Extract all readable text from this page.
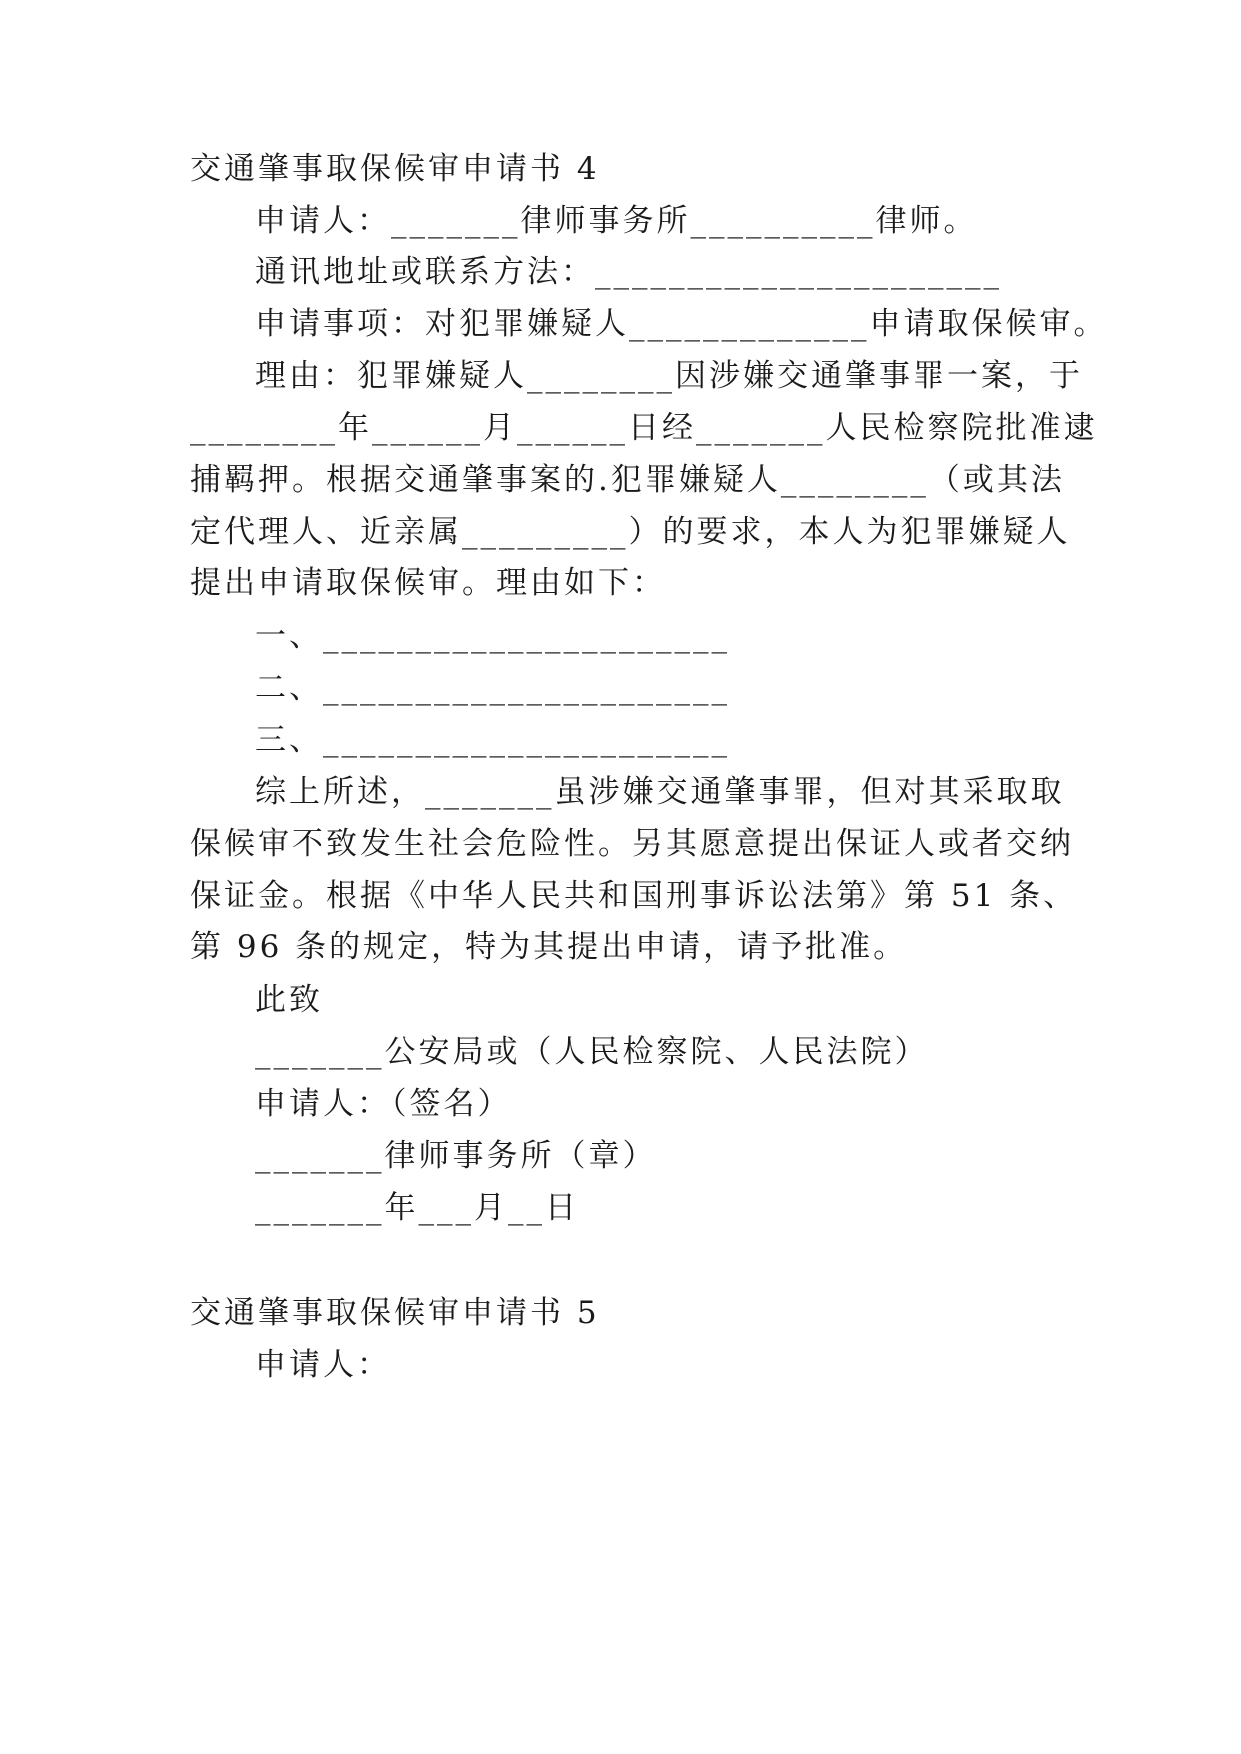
交通肇事取保候审申请书 4

申请人：_______律师事务所__________律师。

通讯地址或联系方法：______________________

申请事项：对犯罪嫌疑人_____________申请取保候审。

理由：犯罪嫌疑人________因涉嫌交通肇事罪一案，于

________年______月______日经_______人民检察院批准逮

捕羁押。根据交通肇事案的.犯罪嫌疑人________（或其法

定代理人、近亲属_________）的要求，本人为犯罪嫌疑人

提出申请取保候审。理由如下：

一、______________________

二、______________________

三、______________________

综上所述，_______虽涉嫌交通肇事罪，但对其采取取

保候审不致发生社会危险性。另其愿意提出保证人或者交纳

保证金。根据《中华人民共和国刑事诉讼法第》第 51 条、

第 96 条的规定，特为其提出申请，请予批准。

此致

_______公安局或（人民检察院、人民法院）

申请人：（签名）

_______律师事务所（章）

_______年___月__日

交通肇事取保候审申请书 5

申请人：
